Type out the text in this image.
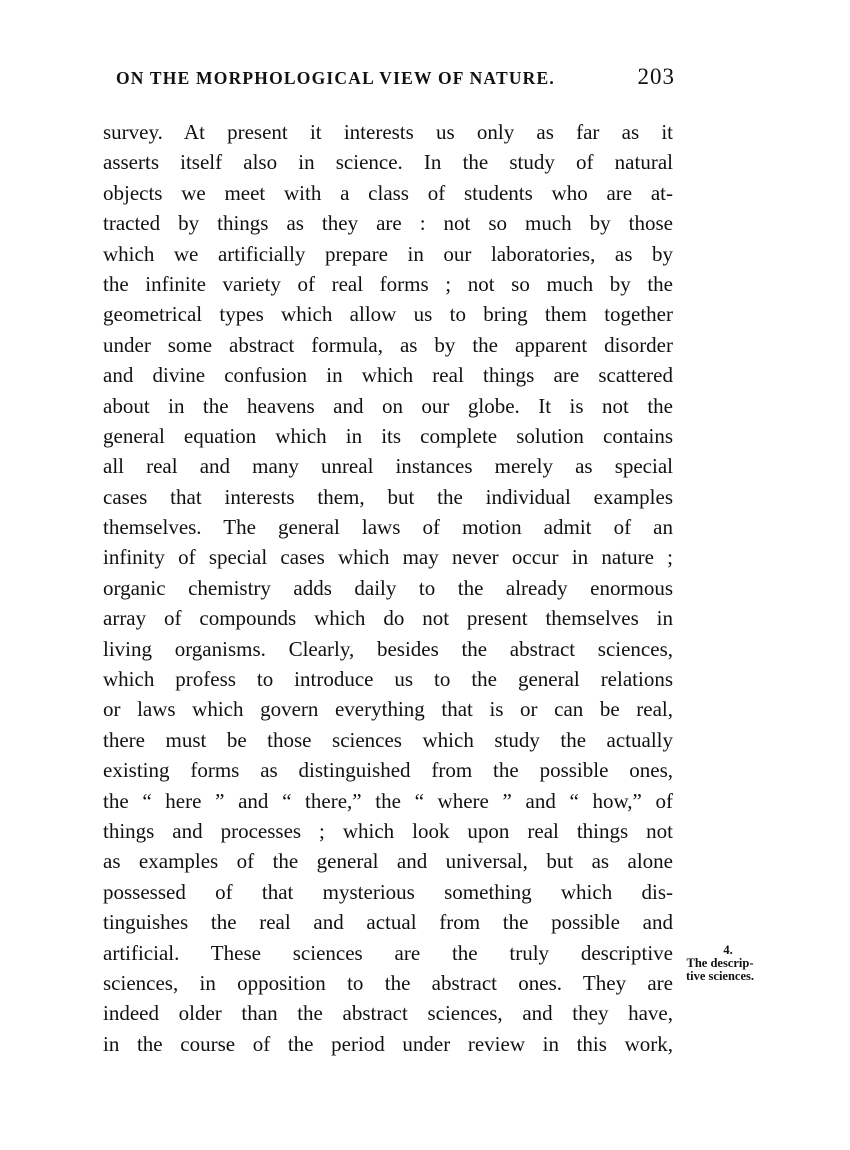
ON THE MORPHOLOGICAL VIEW OF NATURE.	203
survey. At present it interests us only as far as it
asserts itself also in science. In the study of natural
objects we meet with a class of students who are at-
tracted by things as they are : not so much by those
which we artificially prepare in our laboratories, as by
the infinite variety of real forms ; not so much by the
geometrical types which allow us to bring them together
under some abstract formula, as by the apparent disorder
and divine confusion in which real things are scattered
about in the heavens and on our globe. It is not the
general equation which in its complete solution contains
all real and many unreal instances merely as special
cases that interests them, but the individual examples
themselves. The general laws of motion admit of an
infinity of special cases which may never occur in nature ;
organic chemistry adds daily to the already enormous
array of compounds which do not present themselves in
living organisms. Clearly, besides the abstract sciences,
which profess to introduce us to the general relations
or laws which govern everything that is or can be real,
there must be those sciences which study the actually
existing forms as distinguished from the possible ones,
the “ here ” and “ there,” the “ where ” and “ how,” of
things and processes ; which look upon real things not
as examples of the general and universal, but as alone
possessed of that mysterious something which dis-
tinguishes the real and actual from the possible and
artificial. These sciences are the truly descriptive
sciences, in opposition to the abstract ones. They are
indeed older than the abstract sciences, and they have,
in the course of the period under review in this work,
4.
The descrip-
tive sciences.
